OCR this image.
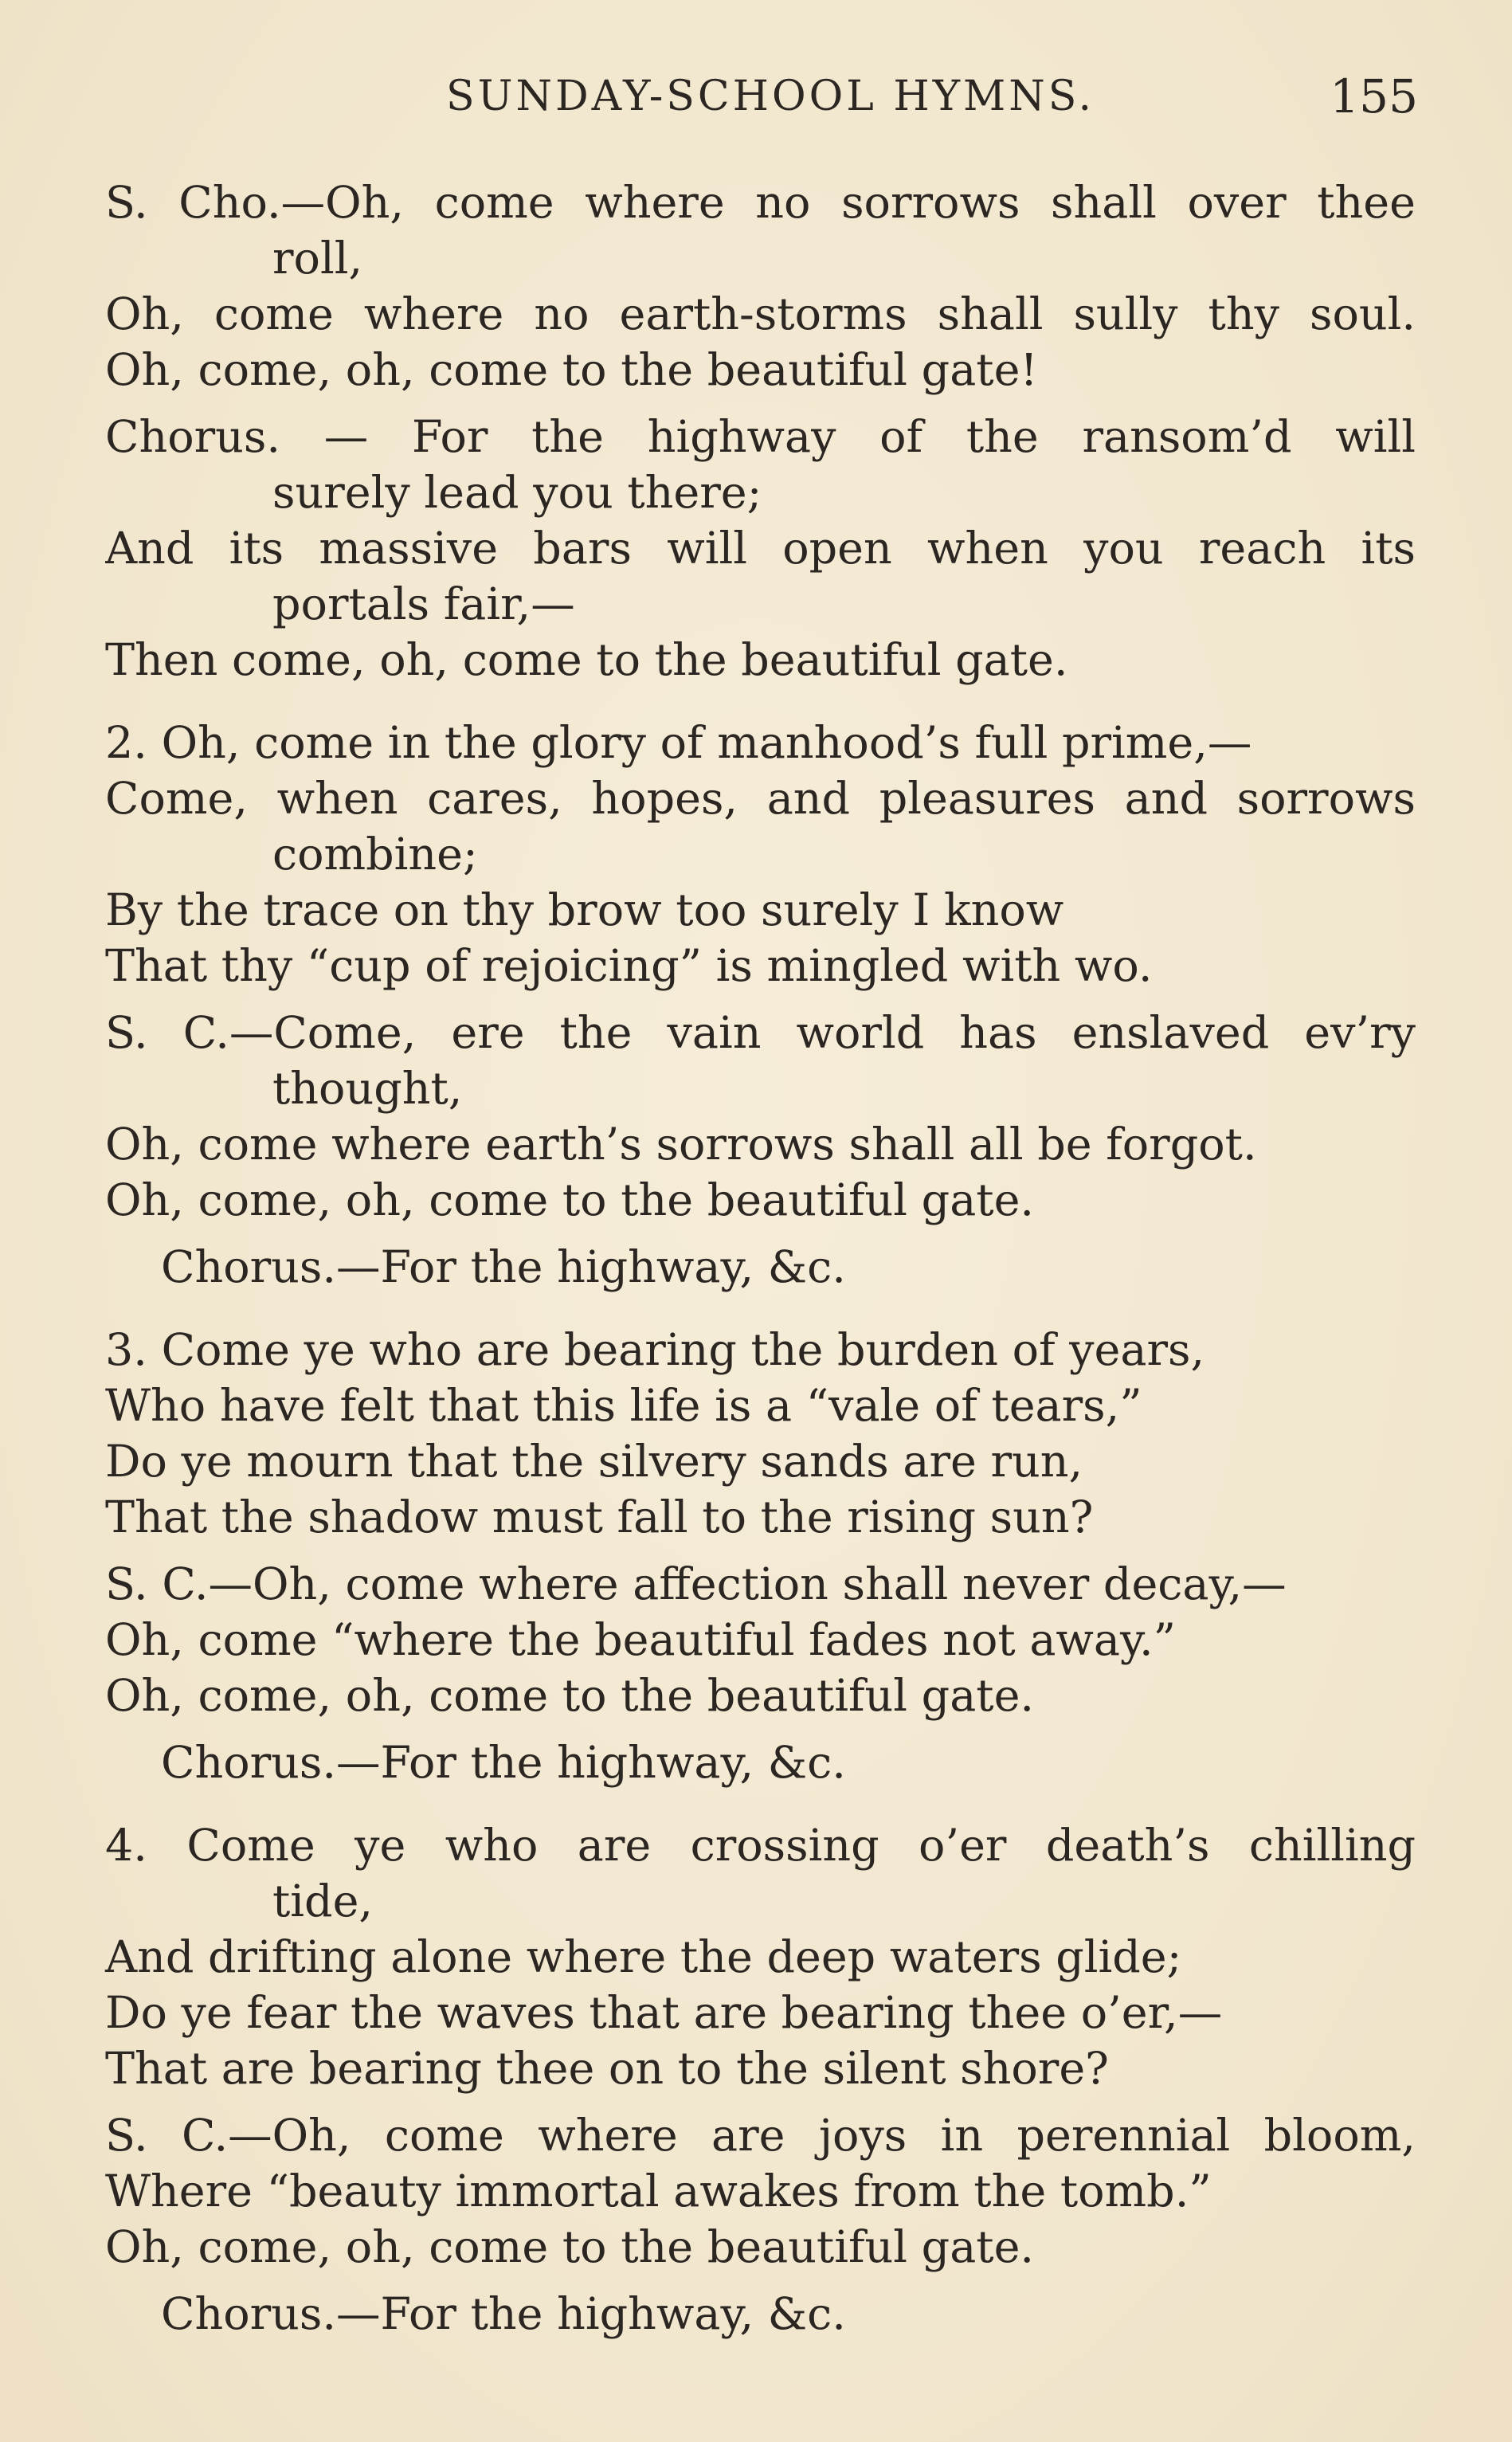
SUNDAY-SCHOOL HYMNS.	155
S. Cho.—Oh, come where no sorrows shall over thee
roll,
Oh, come where no earth-storms shall sully thy soul.
Oh, come, oh, come to the beautiful gate!
Chorus. — For the highway of the ransom’d will
surely lead you there;
And its massive bars will open when you reach its
portals fair,—
Then come, oh, come to the beautiful gate.
2. Oh, come in the glory of manhood’s full prime,—
Come, when cares, hopes, and pleasures and sorrows
combine;
By the trace on thy brow too surely I know
That thy “cup of rejoicing” is mingled with wo.
S. C.—Come, ere the vain world has enslaved ev’ry
thought,
Oh, come where earth’s sorrows shall all be forgot.
Oh, come, oh, come to the beautiful gate.
Chorus.—For the highway, &c.
3. Come ye who are bearing the burden of years,
Who have felt that this life is a “vale of tears,”
Do ye mourn that the silvery sands are run,
That the shadow must fall to the rising sun?
S. C.—Oh, come where affection shall never decay,—
Oh, come “where the beautiful fades not away.”
Oh, come, oh, come to the beautiful gate.
Chorus.—For the highway, &c.
4. Come ye who are crossing o’er death’s chilling
tide,
And drifting alone where the deep waters glide;
Do ye fear the waves that are bearing thee o’er,—
That are bearing thee on to the silent shore?
S. C.—Oh, come where are joys in perennial bloom,
Where “beauty immortal awakes from the tomb.”
Oh, come, oh, come to the beautiful gate.
Chorus.—For the highway, &c.
